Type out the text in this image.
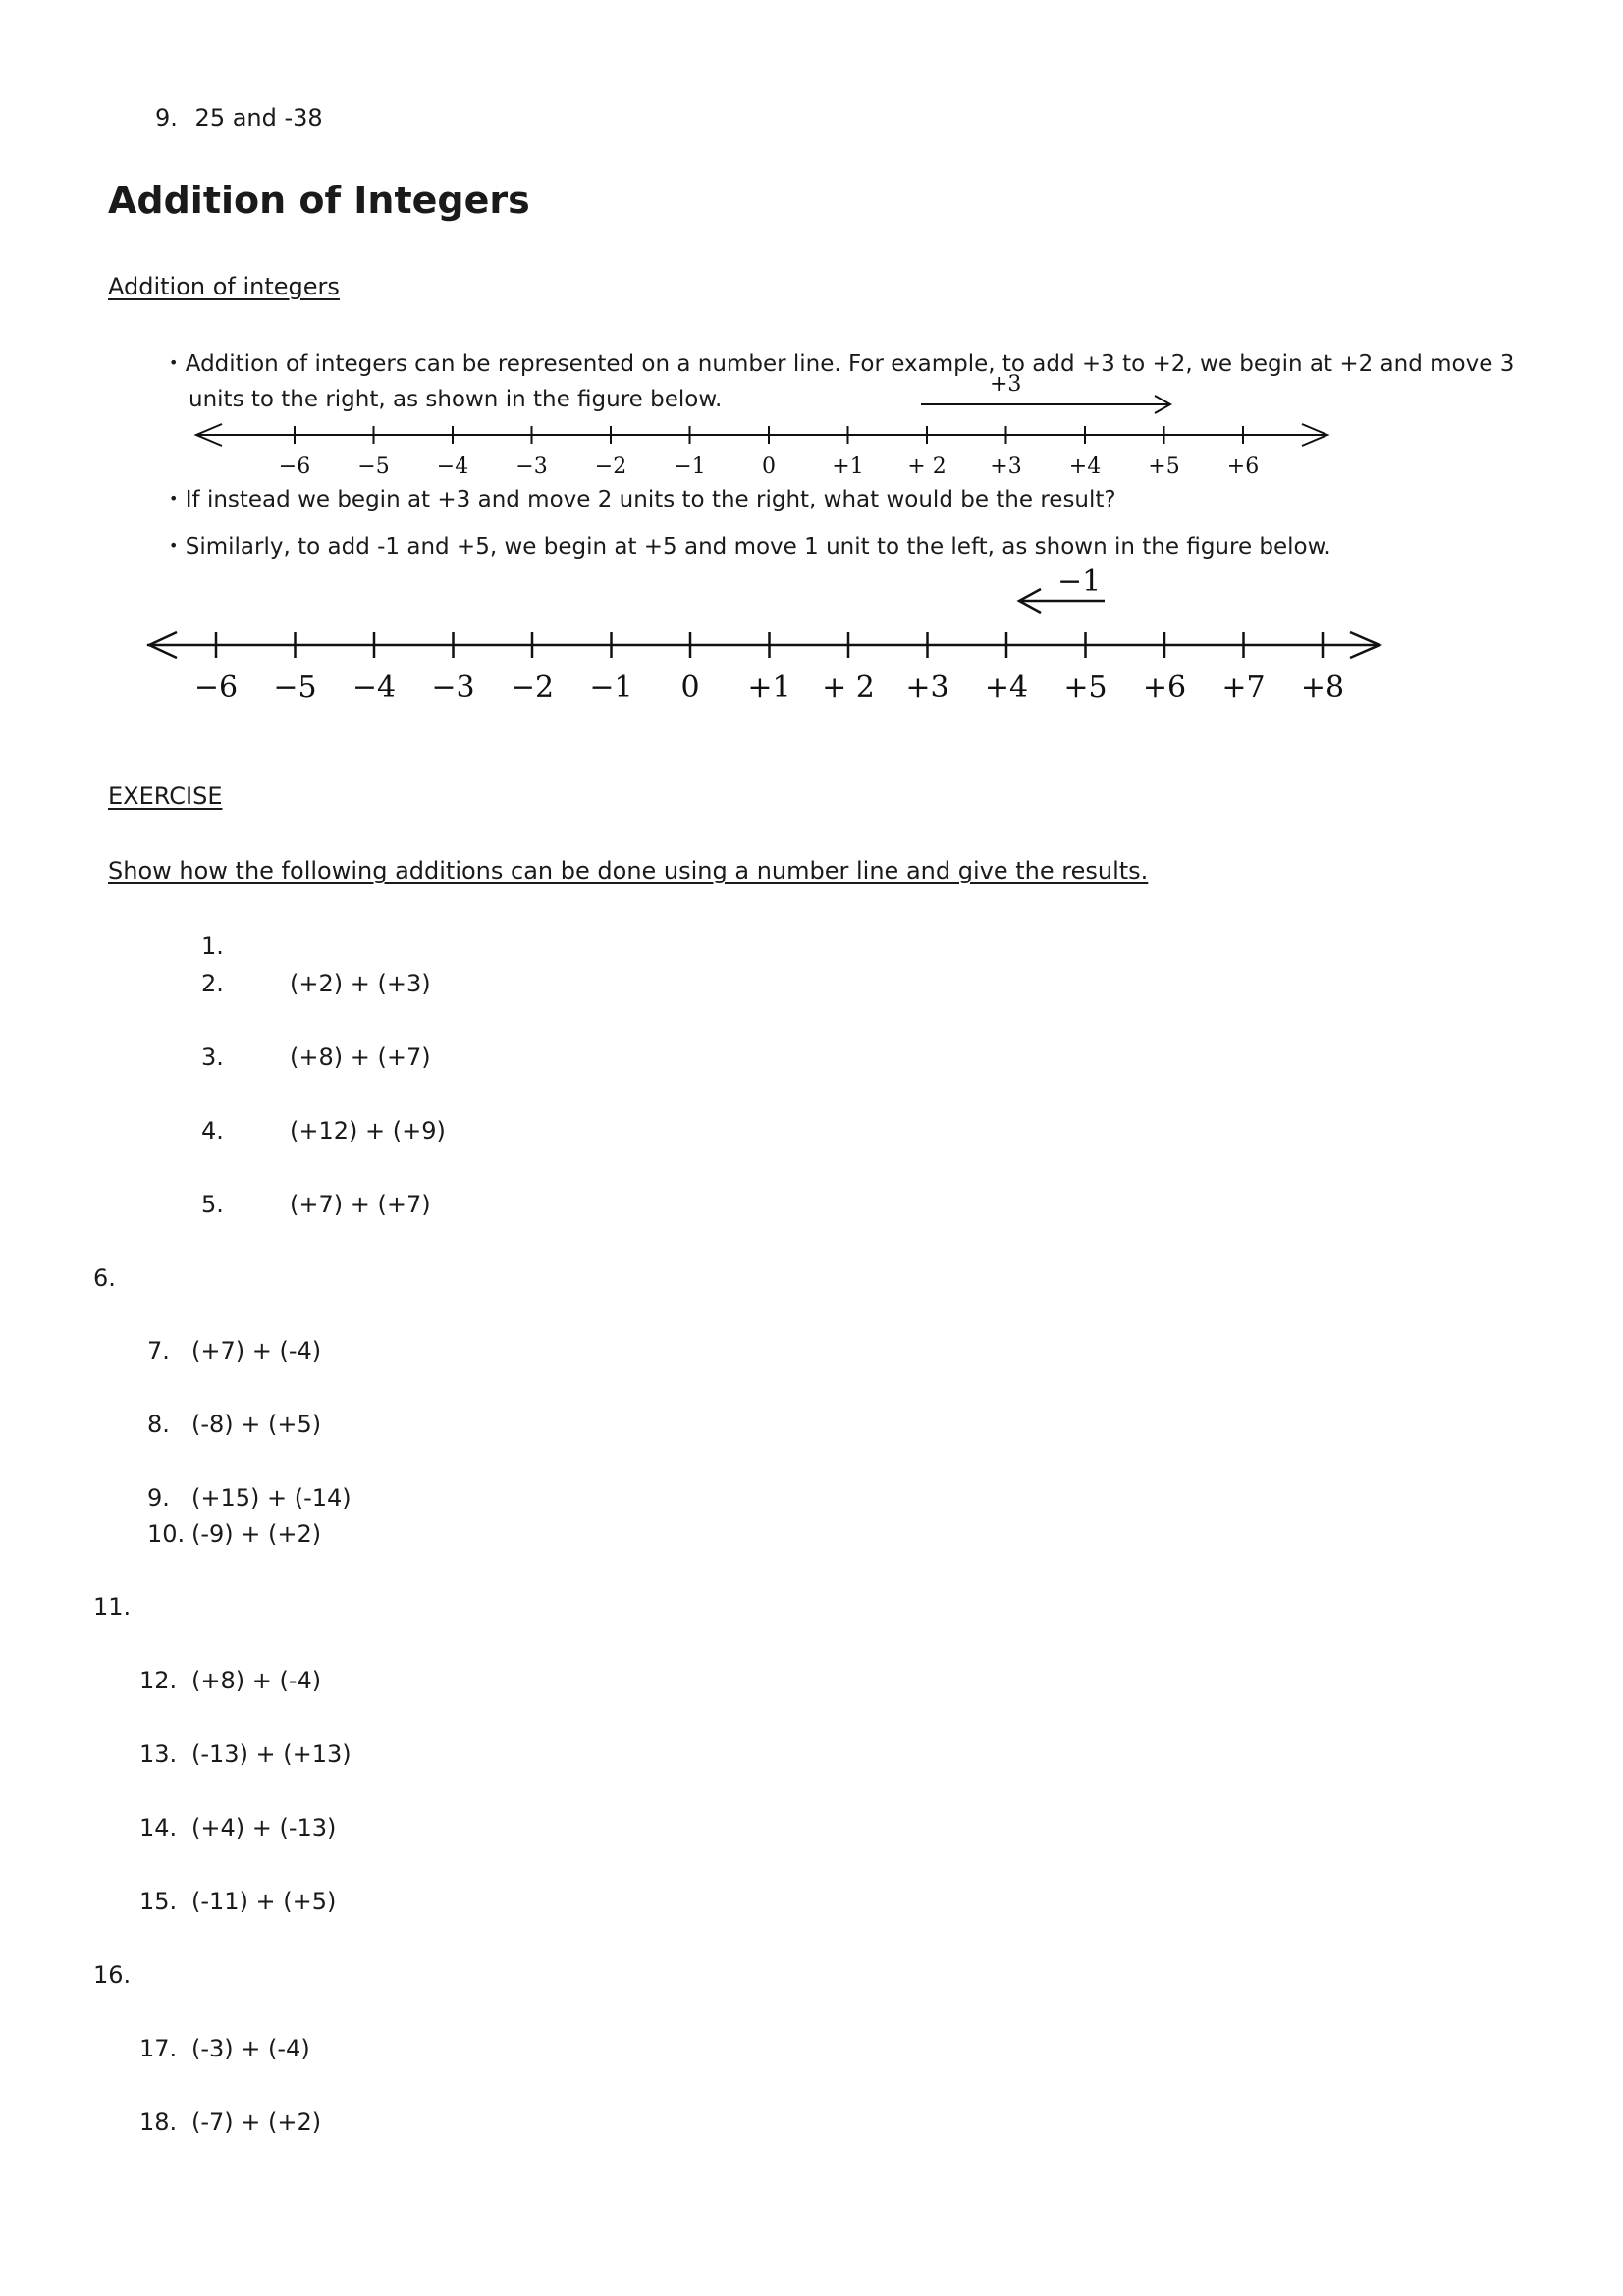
9. 25 and -38
Addition of Integers
Addition of integers
• Addition of integers can be represented on a number line. For example, to add +3 to +2, we begin at +2 and move 3
units to the right, as shown in the figure below.
−6 −5 −4 −3 −2 −1	0	+1 + 2 +3 +4 +5 +6
+3
• If instead we begin at +3 and move 2 units to the right, what would be the result?
• Similarly, to add -1 and +5, we begin at +5 and move 1 unit to the left, as shown in the figure below.
−6 −5 −4 −3 −2 −1 0 +1 + 2 +3 +4 +5 +6 +7 +8
−1
EXERCISE
Show how the following additions can be done using a number line and give the results.
1.
2.	(+2) + (+3)
3.	(+8) + (+7)
4.	(+12) + (+9)
5.	(+7) + (+7)
6.
7. (+7) + (-4)
8. (-8) + (+5)
9. (+15) + (-14)
10. (-9) + (+2)
11.
12. (+8) + (-4)
13. (-13) + (+13)
14. (+4) + (-13)
15. (-11) + (+5)
16.
17. (-3) + (-4)
18. (-7) + (+2)
